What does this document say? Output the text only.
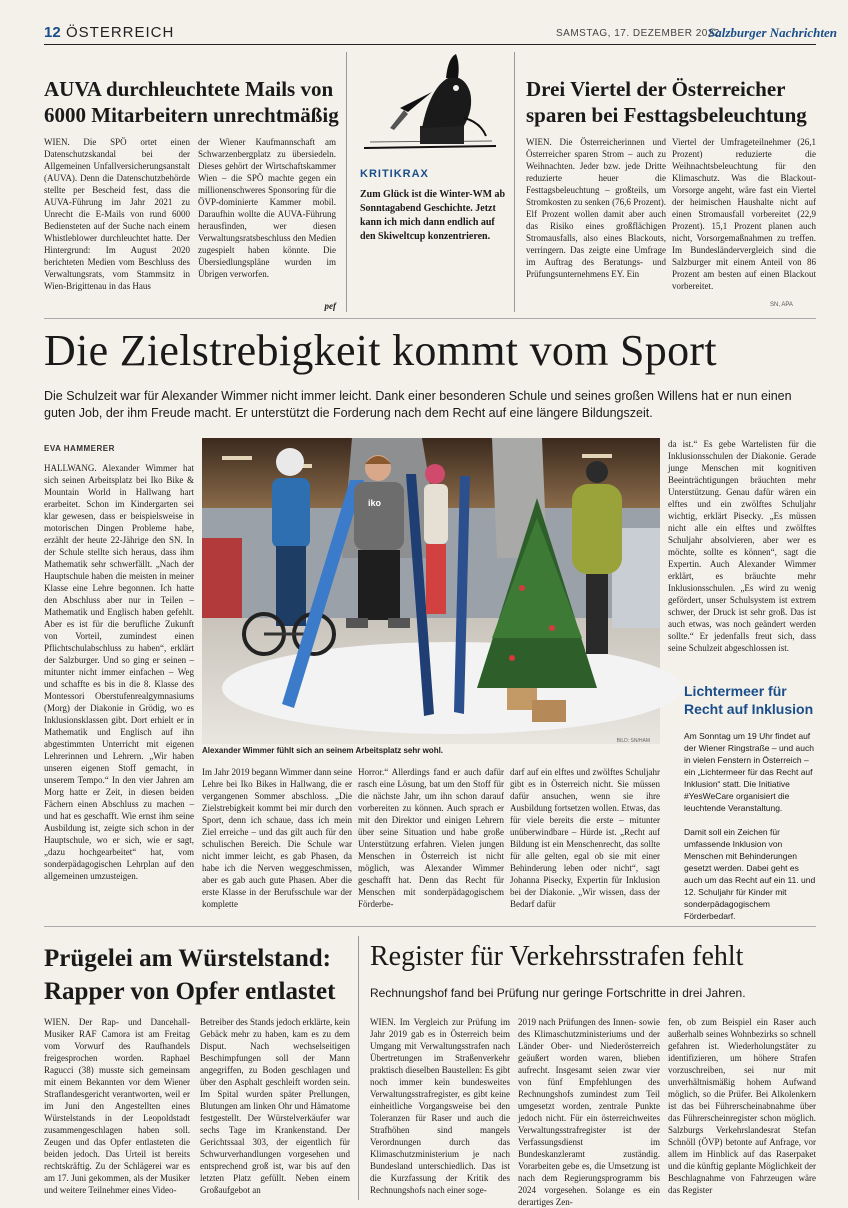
12 ÖSTERREICH	SAMSTAG, 17. DEZEMBER 2022
Salzburger Nachrichten
AUVA durchleuchtete Mails von
6000 Mitarbeitern unrechtmäßig
WIEN. Die SPÖ ortet einen Datenschutzskandal bei der Allgemeinen Unfallversicherungsanstalt (AUVA). Denn die Datenschutzbehörde stellte per Bescheid fest, dass die AUVA-Führung im Jahr 2021 zu Unrecht die E-Mails von rund 6000 Bediensteten auf der Suche nach einem Whistleblower durchleuchtet hatte. Der Hintergrund: Im August 2020 berichteten Medien vom Beschluss des Verwaltungsrats, vom Stammsitz in Wien-Brigittenau in das Haus
der Wiener Kaufmannschaft am Schwarzenbergplatz zu übersiedeln. Dieses gehört der Wirtschaftskammer Wien – die SPÖ machte gegen ein millionenschweres Sponsoring für die ÖVP-dominierte Kammer mobil. Daraufhin wollte die AUVA-Führung herausfinden, wer diesen Verwaltungsratsbeschluss den Medien zugespielt haben könnte. Die Übersiedlungspläne wurden im Übrigen verworfen.
pef
KRITIKRAX
Zum Glück ist die Winter-WM ab Sonntagabend Geschichte. Jetzt kann ich mich dann endlich auf den Skiweltcup konzentrieren.
Drei Viertel der Österreicher
sparen bei Festtagsbeleuchtung
WIEN. Die Österreicherinnen und Österreicher sparen Strom – auch zu Weihnachten. Jeder bzw. jede Dritte reduzierte heuer die Festtagsbeleuchtung – großteils, um Stromkosten zu senken (76,6 Prozent). Elf Prozent wollen damit aber auch das Risiko eines großflächigen Stromausfalls, also eines Blackouts, verringern. Das zeigte eine Umfrage im Auftrag des Beratungs- und Prüfungsunternehmens EY. Ein
Viertel der Umfrageteilnehmer (26,1 Prozent) reduzierte die Weihnachtsbeleuchtung für den Klimaschutz. Was die Blackout-Vorsorge angeht, wäre fast ein Viertel der heimischen Haushalte nicht auf einen Stromausfall vorbereitet (22,9 Prozent). 15,1 Prozent planen auch nicht, Vorsorgemaßnahmen zu treffen. Im Bundesländervergleich sind die Salzburger mit einem Anteil von 86 Prozent am besten auf einen Blackout vorbereitet.
SN, APA
Die Zielstrebigkeit kommt vom Sport
Die Schulzeit war für Alexander Wimmer nicht immer leicht. Dank einer besonderen Schule und seines großen Willens hat er nun einen guten Job, der ihm Freude macht. Er unterstützt die Forderung nach dem Recht auf eine längere Bildungszeit.
EVA HAMMERER
HALLWANG. Alexander Wimmer hat sich seinen Arbeitsplatz bei Iko Bike & Mountain World in Hallwang hart erarbeitet. Schon im Kindergarten sei klar gewesen, dass er beispielsweise in motorischen Dingen Probleme habe, erzählt der heute 22-Jährige den SN. In der Schule stellte sich heraus, dass ihm Mathematik sehr schwerfällt. „Nach der Hauptschule haben die meisten in meiner Klasse eine Lehre begonnen. Ich hatte den Abschluss aber nur in Teilen – Mathematik und Englisch haben gefehlt. Aber es ist für die berufliche Zukunft von Vorteil, zumindest einen Pflichtschulabschluss zu haben“, erklärt der Salzburger. Und so ging er seinen – mitunter nicht immer einfachen – Weg und schaffte es bis in die 8. Klasse des Montessori Oberstufenrealgymnasiums (Morg) der Diakonie in Grödig, wo es Inklusionsklassen gibt. Dort erhielt er in Mathematik und Englisch auf ihn abgestimmten Unterricht mit eigenen Lehrerinnen und Lehrern. „Wir haben unseren eigenen Stoff gemacht, in unserem Tempo.“ In den vier Jahren am Morg hatte er Zeit, in diesen beiden Fächern einen Abschluss zu machen – und hat es geschafft. Wie ernst ihm seine Ausbildung ist, zeigte sich schon in der Hauptschule, wo er sich, wie er sagt, „dazu hochgearbeitet“ hat, vom sonderpädagogischen Lehrplan auf den allgemeinen umzusteigen.
iko
BILD: SN/HAM
Alexander Wimmer fühlt sich an seinem Arbeitsplatz sehr wohl.
Im Jahr 2019 begann Wimmer dann seine Lehre bei Iko Bikes in Hallwang, die er vergangenen Sommer abschloss. „Die Zielstrebigkeit kommt bei mir durch den Sport, denn ich schaue, dass ich mein Ziel erreiche – und das gilt auch für den schulischen Bereich. Die Schule war nicht immer leicht, es gab Phasen, da habe ich die Nerven weggeschmissen, aber es gab auch gute Phasen. Aber die erste Klasse in der Berufsschule war der komplette
Horror.“ Allerdings fand er auch dafür rasch eine Lösung, bat um den Stoff für die nächste Jahr, um ihn schon darauf vorbereiten zu können. Auch sprach er mit den Direktor und einigen Lehrern über seine Situation und habe große Unterstützung erfahren. Vielen jungen Menschen in Österreich ist nicht möglich, was Alexander Wimmer geschafft hat. Denn das Recht für Menschen mit sonderpädagogischem Förderbe-
darf auf ein elftes und zwölftes Schuljahr gibt es in Österreich nicht. Sie müssen dafür ansuchen, wenn sie ihre Ausbildung fortsetzen wollen. Etwas, das für viele bereits die erste – mitunter unüberwindbare – Hürde ist. „Recht auf Bildung ist ein Menschenrecht, das sollte für alle gelten, egal ob sie mit einer Behinderung leben oder nicht“, sagt Johanna Pisecky, Expertin für Inklusion bei der Diakonie. „Wir wissen, dass der Bedarf dafür
da ist.“ Es gebe Wartelisten für die Inklusionsschulen der Diakonie. Gerade junge Menschen mit kognitiven Beeinträchtigungen bräuchten mehr Unterstützung. Genau dafür wären ein elftes und ein zwölftes Schuljahr wichtig, erklärt Pisecky. „Es müssen nicht alle ein elftes und zwölftes Schuljahr absolvieren, aber wer es möchte, sollte es können“, sagt die Expertin. Auch Alexander Wimmer erklärt, es bräuchte mehr Inklusionsschulen. „Es wird zu wenig gefördert, unser Schulsystem ist extrem schwer, der Druck ist sehr groß. Das ist auch etwas, was noch geändert werden sollte.“ Er jedenfalls freut sich, dass seine Schulzeit abgeschlossen ist.
Lichtermeer für
Recht auf Inklusion
Am Sonntag um 19 Uhr findet auf der Wiener Ringstraße – und auch in vielen Fenstern in Österreich – ein „Lichtermeer für das Recht auf Inklusion“ statt. Die Initiative #YesWeCare organisiert die leuchtende Veranstaltung.
Damit soll ein Zeichen für umfassende Inklusion von Menschen mit Behinderungen gesetzt werden. Dabei geht es auch um das Recht auf ein 11. und 12. Schuljahr für Kinder mit sonderpädagogischem Förderbedarf.
Prügelei am Würstelstand:
Rapper von Opfer entlastet
WIEN. Der Rap- und Dancehall-Musiker RAF Camora ist am Freitag vom Vorwurf des Raufhandels freigesprochen worden. Raphael Ragucci (38) musste sich gemeinsam mit einem Bekannten vor dem Wiener Straflandesgericht verantworten, weil er im Juni den Angestellten eines Würstelstands in der Leopoldstadt zusammengeschlagen haben soll. Zeugen und das Opfer entlasteten die beiden jedoch. Das Urteil ist bereits rechtskräftig. Zu der Schlägerei war es am 17. Juni gekommen, als der Musiker und weitere Teilnehmer eines Video-
Betreiber des Stands jedoch erklärte, kein Gebäck mehr zu haben, kam es zu dem Disput. Nach wechselseitigen Beschimpfungen soll der Mann angegriffen, zu Boden geschlagen und über den Asphalt geschleift worden sein. Im Spital wurden später Prellungen, Blutungen am linken Ohr und Hämatome festgestellt. Der Würstelverkäufer war sechs Tage im Krankenstand. Der Gerichtssaal 303, der eigentlich für Schwurverhandlungen vorgesehen und entsprechend groß ist, war bis auf den letzten Platz gefüllt. Neben einem Großaufgebot an
Register für Verkehrsstrafen fehlt
Rechnungshof fand bei Prüfung nur geringe Fortschritte in drei Jahren.
WIEN. Im Vergleich zur Prüfung im Jahr 2019 gab es in Österreich beim Umgang mit Verwaltungsstrafen nach Übertretungen im Straßenverkehr praktisch dieselben Baustellen: Es gibt noch immer kein bundesweites Verwaltungsstrafregister, es gibt keine einheitliche Vorgangsweise bei den Toleranzen für Raser und auch die Strafhöhen sind mangels Verordnungen durch das Klimaschutzministerium je nach Bundesland unterschiedlich. Das ist die Kurzfassung der Kritik des Rechnungshofs nach einer soge-
2019 nach Prüfungen des Innen- sowie des Klimaschutzministeriums und der Länder Ober- und Niederösterreich geäußert worden waren, blieben aufrecht. Insgesamt seien zwar vier von fünf Empfehlungen des Rechnungshofs zumindest zum Teil umgesetzt worden, zentrale Punkte jedoch nicht. Für ein österreichweites Verwaltungsstrafregister ist der Verfassungsdienst im Bundeskanzleramt zuständig. Vorarbeiten gebe es, die Umsetzung ist nach dem Regierungsprogramm bis 2024 vorgesehen. Solange es ein derartiges Zen-
fen, ob zum Beispiel ein Raser auch außerhalb seines Wohnbezirks so schnell gefahren ist. Wiederholungstäter zu identifizieren, um höhere Strafen vorzuschreiben, sei nur mit unverhältnismäßig hohem Aufwand möglich, so die Prüfer. Bei Alkolenkern ist das bei Führerscheinabnahme über das Führerscheinregister schon möglich. Salzburgs Verkehrslandesrat Stefan Schnöll (ÖVP) betonte auf Anfrage, vor allem im Hinblick auf das Raserpaket und die künftig geplante Möglichkeit der Beschlagnahme von Fahrzeugen wäre das Register
